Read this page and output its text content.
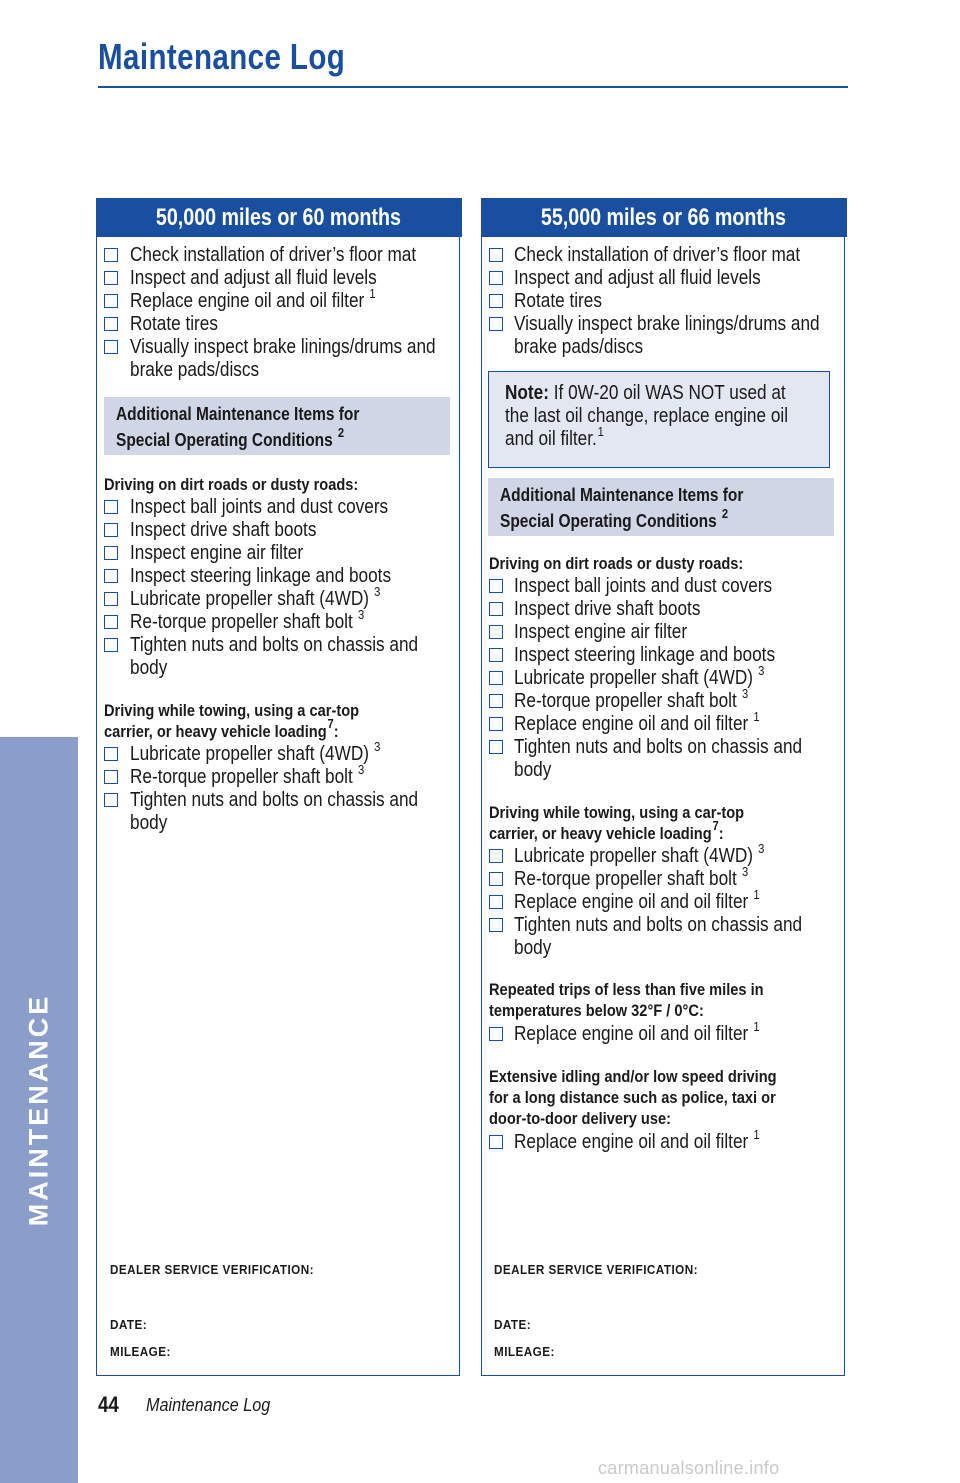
Maintenance Log
MAINTENANCE
50,000 miles or 60 months
Check installation of driver’s floor mat
Inspect and adjust all fluid levels
Replace engine oil and oil filter $^1$
Rotate tires
Visually inspect brake linings/drums and
brake pads/discs
Additional Maintenance Items for
Special Operating Conditions $^2$
Driving on dirt roads or dusty roads:
Inspect ball joints and dust covers
Inspect drive shaft boots
Inspect engine air filter
Inspect steering linkage and boots
Lubricate propeller shaft (4WD) $^3$
Re-torque propeller shaft bolt $^3$
Tighten nuts and bolts on chassis and
body
Driving while towing, using a car-top
carrier, or heavy vehicle loading$^7$:
Lubricate propeller shaft (4WD) $^3$
Re-torque propeller shaft bolt $^3$
Tighten nuts and bolts on chassis and
body
DEALER SERVICE VERIFICATION:
DATE:
MILEAGE:
55,000 miles or 66 months
Check installation of driver’s floor mat
Inspect and adjust all fluid levels
Rotate tires
Visually inspect brake linings/drums and
brake pads/discs
Note: If 0W-20 oil WAS NOT used at
the last oil change, replace engine oil
and oil filter.$^1$
Additional Maintenance Items for
Special Operating Conditions $^2$
Driving on dirt roads or dusty roads:
Inspect ball joints and dust covers
Inspect drive shaft boots
Inspect engine air filter
Inspect steering linkage and boots
Lubricate propeller shaft (4WD) $^3$
Re-torque propeller shaft bolt $^3$
Replace engine oil and oil filter $^1$
Tighten nuts and bolts on chassis and
body
Driving while towing, using a car-top
carrier, or heavy vehicle loading$^7$:
Lubricate propeller shaft (4WD) $^3$
Re-torque propeller shaft bolt $^3$
Replace engine oil and oil filter $^1$
Tighten nuts and bolts on chassis and
body
Repeated trips of less than five miles in
temperatures below 32°F / 0°C:
Replace engine oil and oil filter $^1$
Extensive idling and/or low speed driving
for a long distance such as police, taxi or
door-to-door delivery use:
Replace engine oil and oil filter $^1$
DEALER SERVICE VERIFICATION:
DATE:
MILEAGE:
44 Maintenance Log
carmanualsonline.info
